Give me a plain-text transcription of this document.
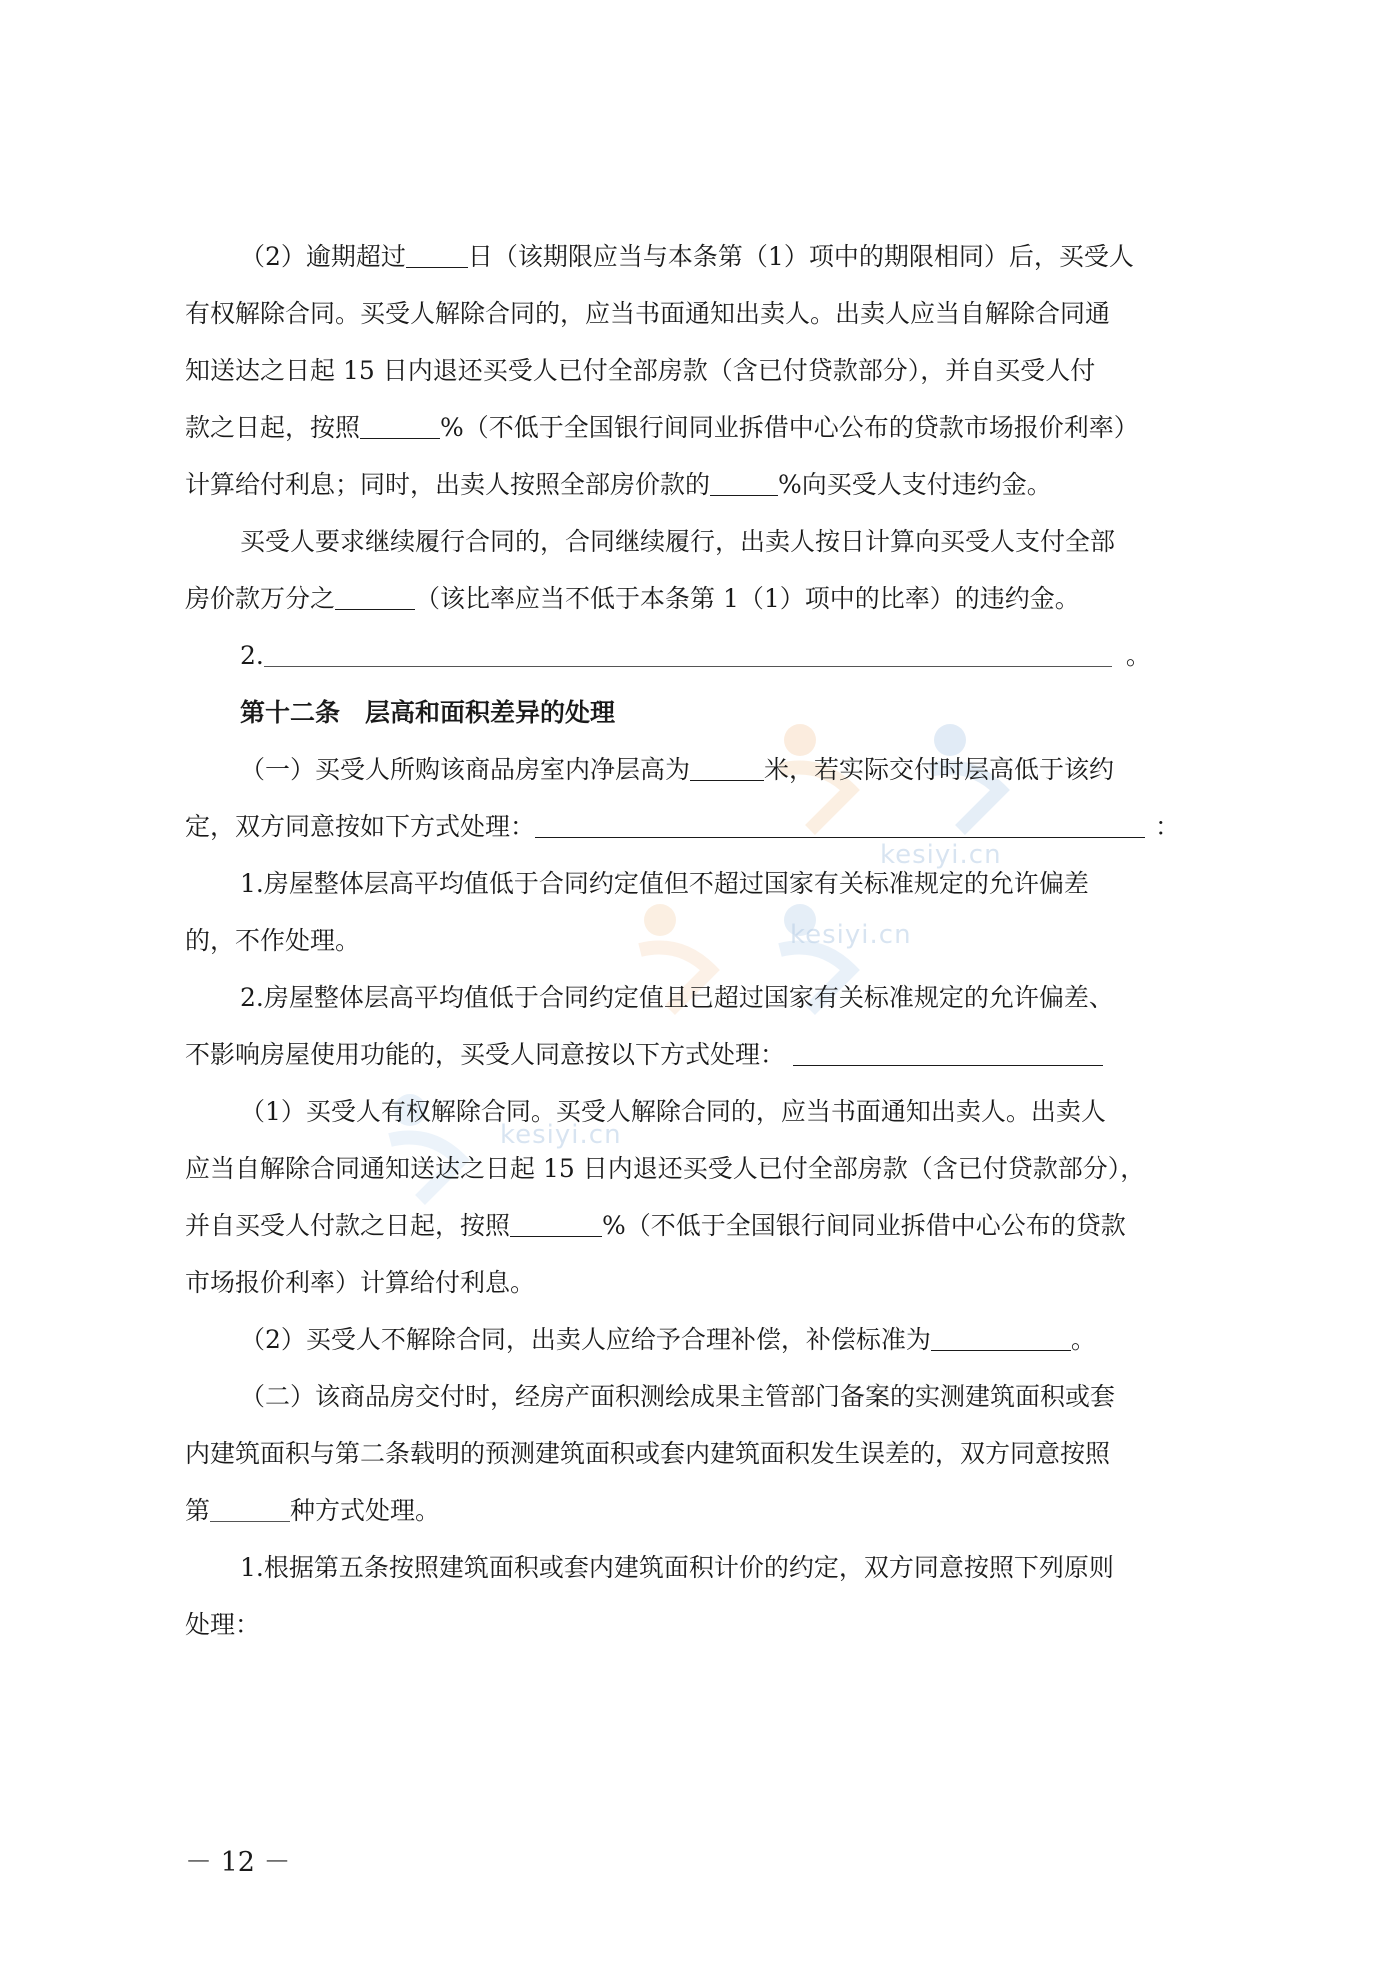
kesiyi.cn
kesiyi.cn
kesiyi.cn
（2）逾期超过 日（该期限应当与本条第（1）项中的期限相同）后，买受人
有权解除合同。买受人解除合同的，应当书面通知出卖人。出卖人应当自解除合同通
知送达之日起 15 日内退还买受人已付全部房款（含已付贷款部分），并自买受人付
款之日起，按照	%（不低于全国银行间同业拆借中心公布的贷款市场报价利率）
计算给付利息；同时，出卖人按照全部房价款的	%向买受人支付违约金。
买受人要求继续履行合同的，合同继续履行，出卖人按日计算向买受人支付全部
房价款万分之	（该比率应当不低于本条第 1（1）项中的比率）的违约金。
2.	。
第十二条　层高和面积差异的处理
（一）买受人所购该商品房室内净层高为	米，若实际交付时层高低于该约
定，双方同意按如下方式处理：	：
1.房屋整体层高平均值低于合同约定值但不超过国家有关标准规定的允许偏差
的，不作处理。
2.房屋整体层高平均值低于合同约定值且已超过国家有关标准规定的允许偏差、
不影响房屋使用功能的，买受人同意按以下方式处理：
（1）买受人有权解除合同。买受人解除合同的，应当书面通知出卖人。出卖人
应当自解除合同通知送达之日起 15 日内退还买受人已付全部房款（含已付贷款部分），
并自买受人付款之日起，按照	%（不低于全国银行间同业拆借中心公布的贷款
市场报价利率）计算给付利息。
（2）买受人不解除合同，出卖人应给予合理补偿，补偿标准为	。
（二）该商品房交付时，经房产面积测绘成果主管部门备案的实测建筑面积或套
内建筑面积与第二条载明的预测建筑面积或套内建筑面积发生误差的，双方同意按照
第	种方式处理。
1.根据第五条按照建筑面积或套内建筑面积计价的约定，双方同意按照下列原则
处理：
－ 12 －
